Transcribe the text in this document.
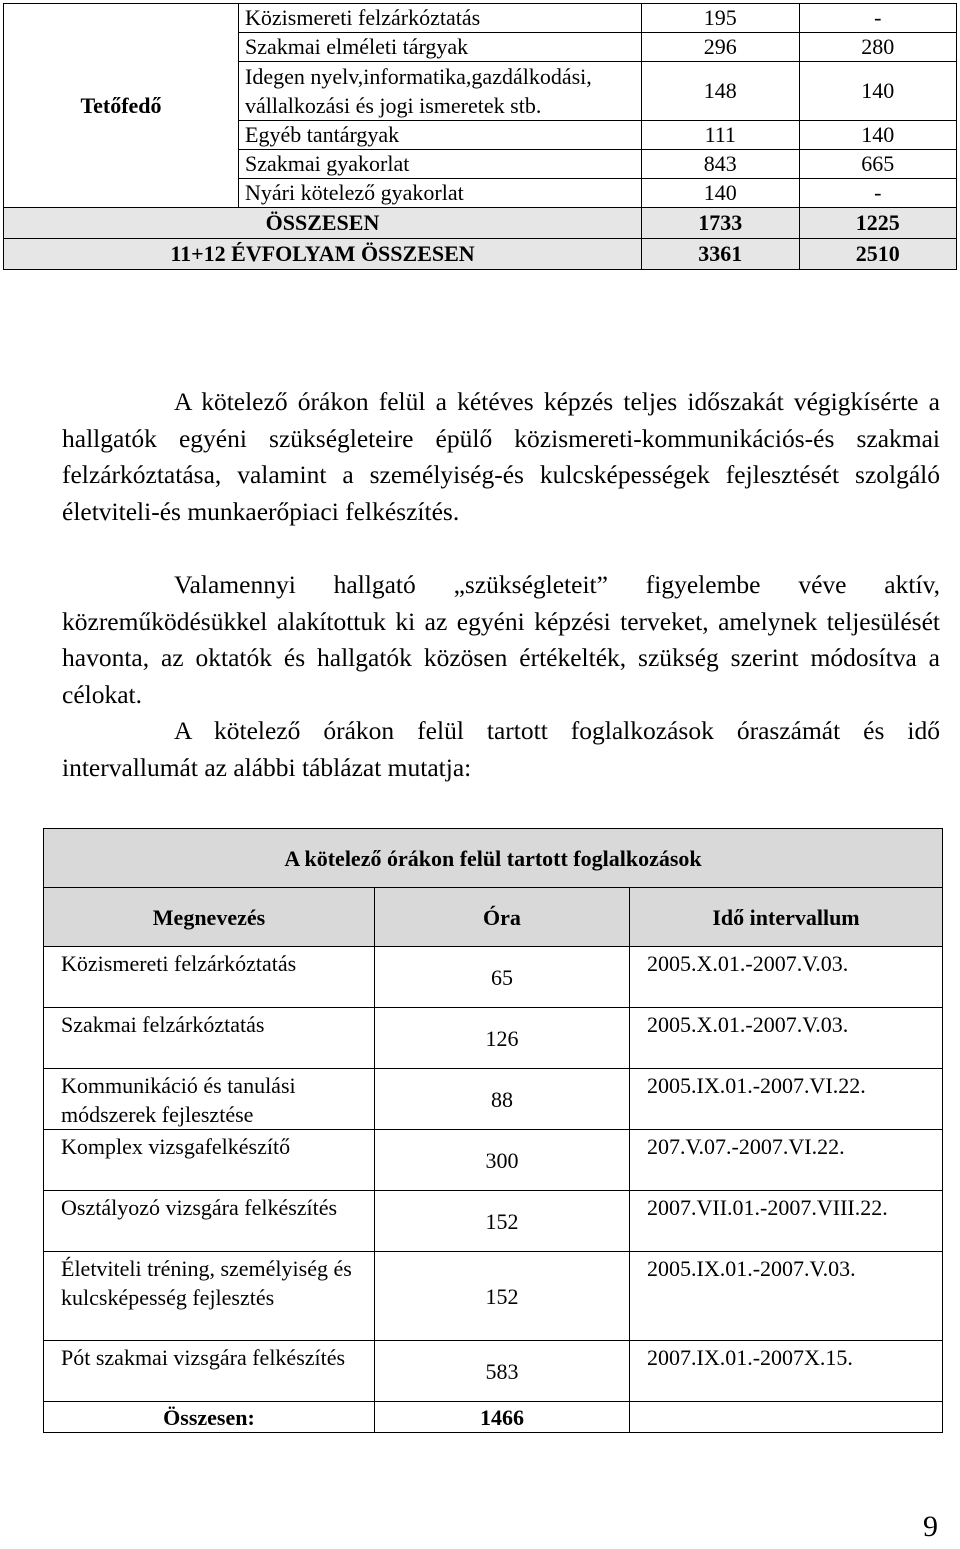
Tetőfedő	Közismereti felzárkóztatás	195	-
	Szakmai elméleti tárgyak	296	280
	Idegen nyelv,informatika,gazdálkodási, vállalkozási és jogi ismeretek stb.	148	140
	Egyéb tantárgyak	111	140
	Szakmai gyakorlat	843	665
	Nyári kötelező gyakorlat	140	-

ÖSSZESEN		1733	1225
11+12 ÉVFOLYAM ÖSSZESEN		3361	2510
A kötelező órákon felül a kétéves képzés teljes időszakát végigkísérte a hallgatók egyéni szükségleteire épülő közismereti-kommunikációs-és szakmai felzárkóztatása, valamint a személyiség-és kulcsképességek fejlesztését szolgáló életviteli-és munkaerőpiaci felkészítés.
Valamennyi hallgató „szükségleteit” figyelembe véve aktív, közreműködésükkel alakítottuk ki az egyéni képzési terveket, amelynek teljesülését havonta, az oktatók és hallgatók közösen értékelték, szükség szerint módosítva a célokat.
A kötelező órákon felül tartott foglalkozások óraszámát és idő intervallumát az alábbi táblázat mutatja:
A kötelező órákon felül tartott foglalkozások		
Megnevezés	Óra	Idő intervallum
Közismereti felzárkóztatás	65	2005.X.01.-2007.V.03.
Szakmai felzárkóztatás	126	2005.X.01.-2007.V.03.
Kommunikáció és tanulási módszerek fejlesztése	88	2005.IX.01.-2007.VI.22.
Komplex vizsgafelkészítő	300	207.V.07.-2007.VI.22.
Osztályozó vizsgára felkészítés	152	2007.VII.01.-2007.VIII.22.
Életviteli tréning, személyiség és kulcsképesség fejlesztés	152	2005.IX.01.-2007.V.03.
Pót szakmai vizsgára felkészítés	583	2007.IX.01.-2007X.15.
Összesen:	1466	
9
